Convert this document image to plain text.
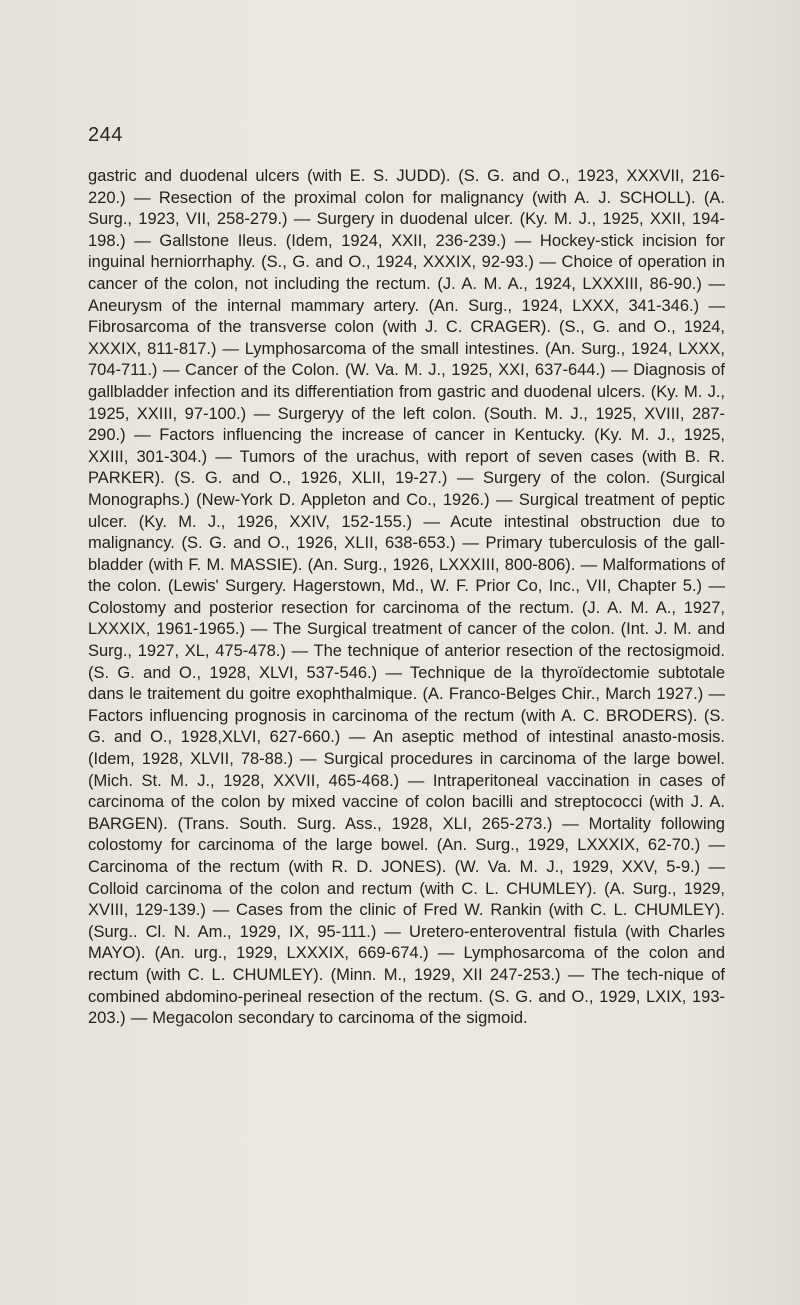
244

gastric and duodenal ulcers (with E. S. JUDD). (S. G. and O., 1923, XXXVII, 216-220.) — Resection of the proximal colon for malignancy (with A. J. SCHOLL). (A. Surg., 1923, VII, 258-279.) — Surgery in duodenal ulcer. (Ky. M. J., 1925, XXII, 194-198.) — Gallstone Ileus. (Idem, 1924, XXII, 236-239.) — Hockey-stick incision for inguinal herniorrhaphy. (S., G. and O., 1924, XXXIX, 92-93.) — Choice of operation in cancer of the colon, not including the rectum. (J. A. M. A., 1924, LXXXIII, 86-90.) — Aneurysm of the internal mammary artery. (An. Surg., 1924, LXXX, 341-346.) — Fibrosarcoma of the transverse colon (with J. C. CRAGER). (S., G. and O., 1924, XXXIX, 811-817.) — Lymphosarcoma of the small intestines. (An. Surg., 1924, LXXX, 704-711.) — Cancer of the Colon. (W. Va. M. J., 1925, XXI, 637-644.) — Diagnosis of gallbladder infection and its differentiation from gastric and duodenal ulcers. (Ky. M. J., 1925, XXIII, 97-100.) — Surgeryy of the left colon. (South. M. J., 1925, XVIII, 287-290.) — Factors influencing the increase of cancer in Kentucky. (Ky. M. J., 1925, XXIII, 301-304.) — Tumors of the urachus, with report of seven cases (with B. R. PARKER). (S. G. and O., 1926, XLII, 19-27.) — Surgery of the colon. (Surgical Monographs.) (New-York D. Appleton and Co., 1926.) — Surgical treatment of peptic ulcer. (Ky. M. J., 1926, XXIV, 152-155.) — Acute intestinal obstruction due to malignancy. (S. G. and O., 1926, XLII, 638-653.) — Primary tuberculosis of the gall-bladder (with F. M. MASSIE). (An. Surg., 1926, LXXXIII, 800-806). — Malformations of the colon. (Lewis' Surgery. Hagerstown, Md., W. F. Prior Co, Inc., VII, Chapter 5.) — Colostomy and posterior resection for carcinoma of the rectum. (J. A. M. A., 1927, LXXXIX, 1961-1965.) — The Surgical treatment of cancer of the colon. (Int. J. M. and Surg., 1927, XL, 475-478.) — The technique of anterior resection of the rectosigmoid. (S. G. and O., 1928, XLVI, 537-546.) — Technique de la thyroïdectomie subtotale dans le traitement du goitre exophthalmique. (A. Franco-Belges Chir., March 1927.) — Factors influencing prognosis in carcinoma of the rectum (with A. C. BRODERS). (S. G. and O., 1928,XLVI, 627-660.) — An aseptic method of intestinal anasto-mosis. (Idem, 1928, XLVII, 78-88.) — Surgical procedures in carcinoma of the large bowel. (Mich. St. M. J., 1928, XXVII, 465-468.) — Intraperitoneal vaccination in cases of carcinoma of the colon by mixed vaccine of colon bacilli and streptococci (with J. A. BARGEN). (Trans. South. Surg. Ass., 1928, XLI, 265-273.) — Mortality following colostomy for carcinoma of the large bowel. (An. Surg., 1929, LXXXIX, 62-70.) — Carcinoma of the rectum (with R. D. JONES). (W. Va. M. J., 1929, XXV, 5-9.) — Colloid carcinoma of the colon and rectum (with C. L. CHUMLEY). (A. Surg., 1929, XVIII, 129-139.) — Cases from the clinic of Fred W. Rankin (with C. L. CHUMLEY). (Surg.. Cl. N. Am., 1929, IX, 95-111.) — Uretero-enteroventral fistula (with Charles MAYO). (An. urg., 1929, LXXXIX, 669-674.) — Lymphosarcoma of the colon and rectum (with C. L. CHUMLEY). (Minn. M., 1929, XII 247-253.) — The tech-nique of combined abdomino-perineal resection of the rectum. (S. G. and O., 1929, LXIX, 193-203.) — Megacolon secondary to carcinoma of the sigmoid.
